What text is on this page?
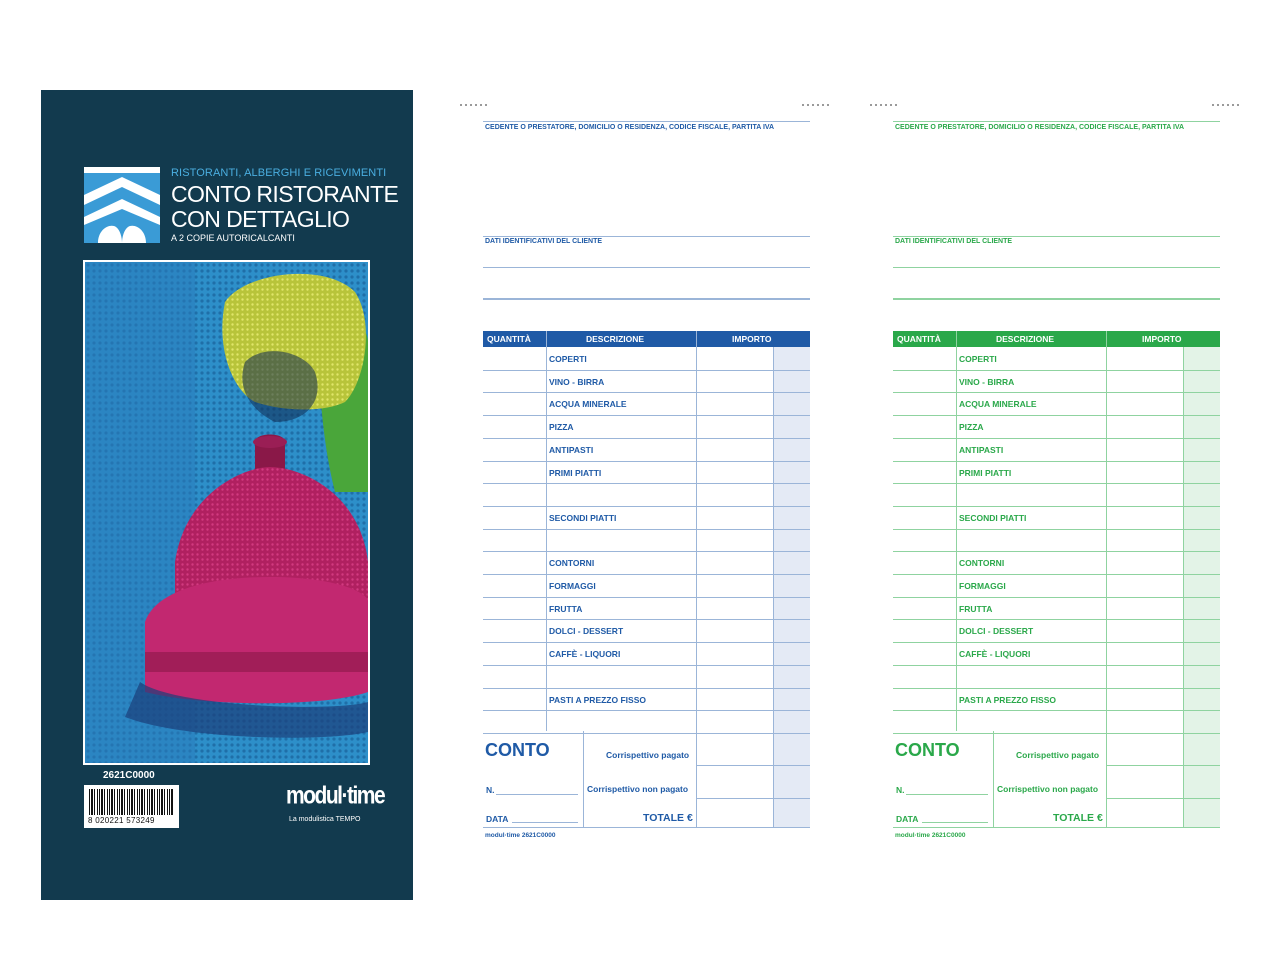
RISTORANTI, ALBERGHI E RICEVIMENTI
CONTO RISTORANTE
CON DETTAGLIO
A 2 COPIE AUTORICALCANTI
2621C0000
8 020221 573249
modul·time
La modulistica TEMPO
CEDENTE O PRESTATORE, DOMICILIO O RESIDENZA, CODICE FISCALE, PARTITA IVA
DATI IDENTIFICATIVI DEL CLIENTE
QUANTITÀ	DESCRIZIONE	IMPORTO
COPERTI
VINO - BIRRA
ACQUA MINERALE
PIZZA
ANTIPASTI
PRIMI PIATTI
SECONDI PIATTI
CONTORNI
FORMAGGI
FRUTTA
DOLCI - DESSERT
CAFFÈ - LIQUORI
PASTI A PREZZO FISSO
CONTO	Corrispettivo pagato
Corrispettivo non pagato
N.
DATA	TOTALE €
modul·time 2621C0000
CEDENTE O PRESTATORE, DOMICILIO O RESIDENZA, CODICE FISCALE, PARTITA IVA
DATI IDENTIFICATIVI DEL CLIENTE
QUANTITÀ	DESCRIZIONE	IMPORTO
COPERTI
VINO - BIRRA
ACQUA MINERALE
PIZZA
ANTIPASTI
PRIMI PIATTI
SECONDI PIATTI
CONTORNI
FORMAGGI
FRUTTA
DOLCI - DESSERT
CAFFÈ - LIQUORI
PASTI A PREZZO FISSO
CONTO	Corrispettivo pagato
Corrispettivo non pagato
N.
DATA	TOTALE €
modul·time 2621C0000
